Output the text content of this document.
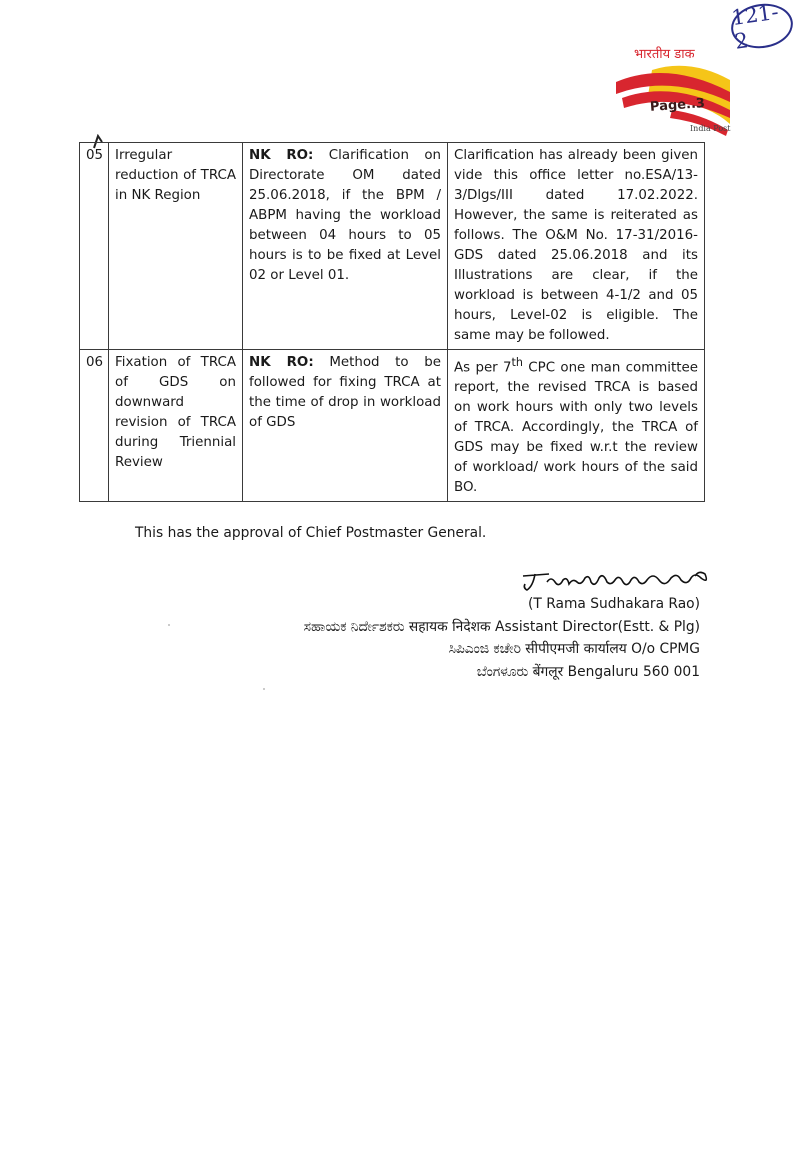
121-2
भारतीय डाक
Page..3
India Post
05	Irregular reduction of TRCA in NK Region	NK RO: Clarification on Directorate OM dated 25.06.2018, if the BPM / ABPM having the workload between 04 hours to 05 hours is to be fixed at Level 02 or Level 01.	Clarification has already been given vide this office letter no.ESA/13-3/Dlgs/III dated 17.02.2022. However, the same is reiterated as follows. The O&M No. 17-31/2016-GDS dated 25.06.2018 and its Illustrations are clear, if the workload is between 4-1/2 and 05 hours, Level-02 is eligible. The same may be followed.
06	Fixation of TRCA of GDS on downward revision of TRCA during Triennial Review	NK RO: Method to be followed for fixing TRCA at the time of drop in workload of GDS	As per 7th CPC one man committee report, the revised TRCA is based on work hours with only two levels of TRCA. Accordingly, the TRCA of GDS may be fixed w.r.t the review of workload/ work hours of the said BO.
This has the approval of Chief Postmaster General.
(T Rama Sudhakara Rao)
ಸಹಾಯಕ ನಿರ್ದೇಶಕರು सहायक निदेशक Assistant Director(Estt. & Plg)
ಸಿಪಿಎಂಜಿ ಕಚೇರಿ सीपीएमजी कार्यालय O/o CPMG
ಬೆಂಗಳೂರು बेंगलूर Bengaluru 560 001
